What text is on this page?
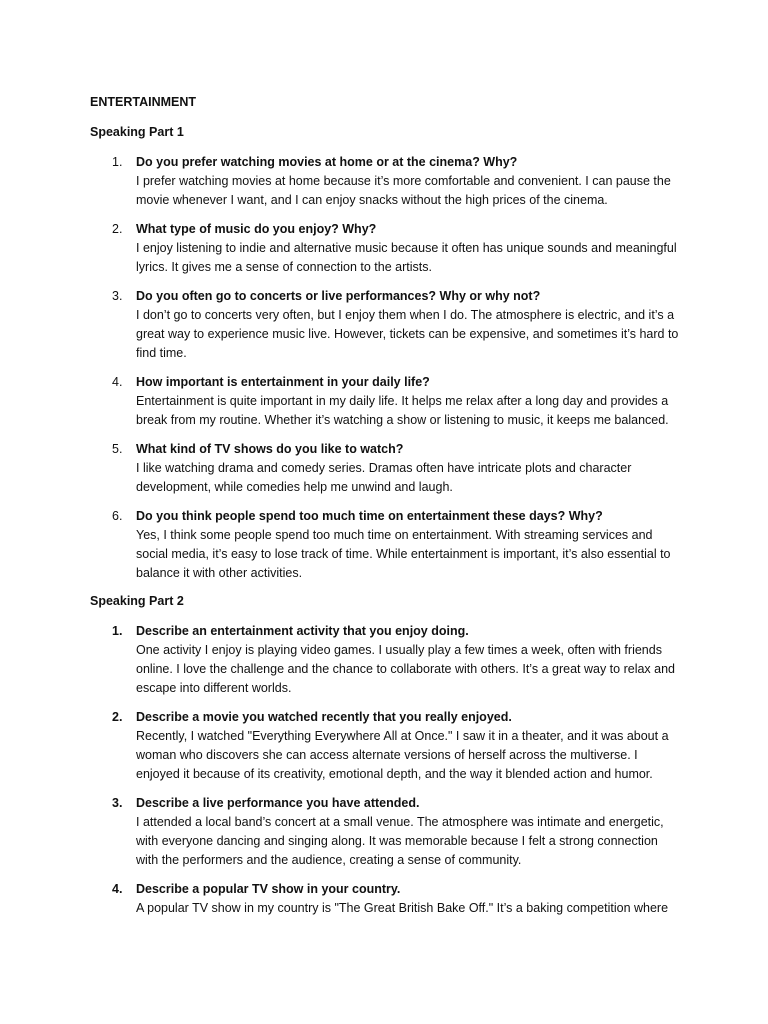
ENTERTAINMENT
Speaking Part 1
1. Do you prefer watching movies at home or at the cinema? Why?
I prefer watching movies at home because it’s more comfortable and convenient. I can pause the movie whenever I want, and I can enjoy snacks without the high prices of the cinema.
2. What type of music do you enjoy? Why?
I enjoy listening to indie and alternative music because it often has unique sounds and meaningful lyrics. It gives me a sense of connection to the artists.
3. Do you often go to concerts or live performances? Why or why not?
I don’t go to concerts very often, but I enjoy them when I do. The atmosphere is electric, and it’s a great way to experience music live. However, tickets can be expensive, and sometimes it’s hard to find time.
4. How important is entertainment in your daily life?
Entertainment is quite important in my daily life. It helps me relax after a long day and provides a break from my routine. Whether it’s watching a show or listening to music, it keeps me balanced.
5. What kind of TV shows do you like to watch?
I like watching drama and comedy series. Dramas often have intricate plots and character development, while comedies help me unwind and laugh.
6. Do you think people spend too much time on entertainment these days? Why?
Yes, I think some people spend too much time on entertainment. With streaming services and social media, it’s easy to lose track of time. While entertainment is important, it’s also essential to balance it with other activities.
Speaking Part 2
1. Describe an entertainment activity that you enjoy doing.
One activity I enjoy is playing video games. I usually play a few times a week, often with friends online. I love the challenge and the chance to collaborate with others. It’s a great way to relax and escape into different worlds.
2. Describe a movie you watched recently that you really enjoyed.
Recently, I watched "Everything Everywhere All at Once." I saw it in a theater, and it was about a woman who discovers she can access alternate versions of herself across the multiverse. I enjoyed it because of its creativity, emotional depth, and the way it blended action and humor.
3. Describe a live performance you have attended.
I attended a local band’s concert at a small venue. The atmosphere was intimate and energetic, with everyone dancing and singing along. It was memorable because I felt a strong connection with the performers and the audience, creating a sense of community.
4. Describe a popular TV show in your country.
A popular TV show in my country is "The Great British Bake Off." It’s a baking competition where
